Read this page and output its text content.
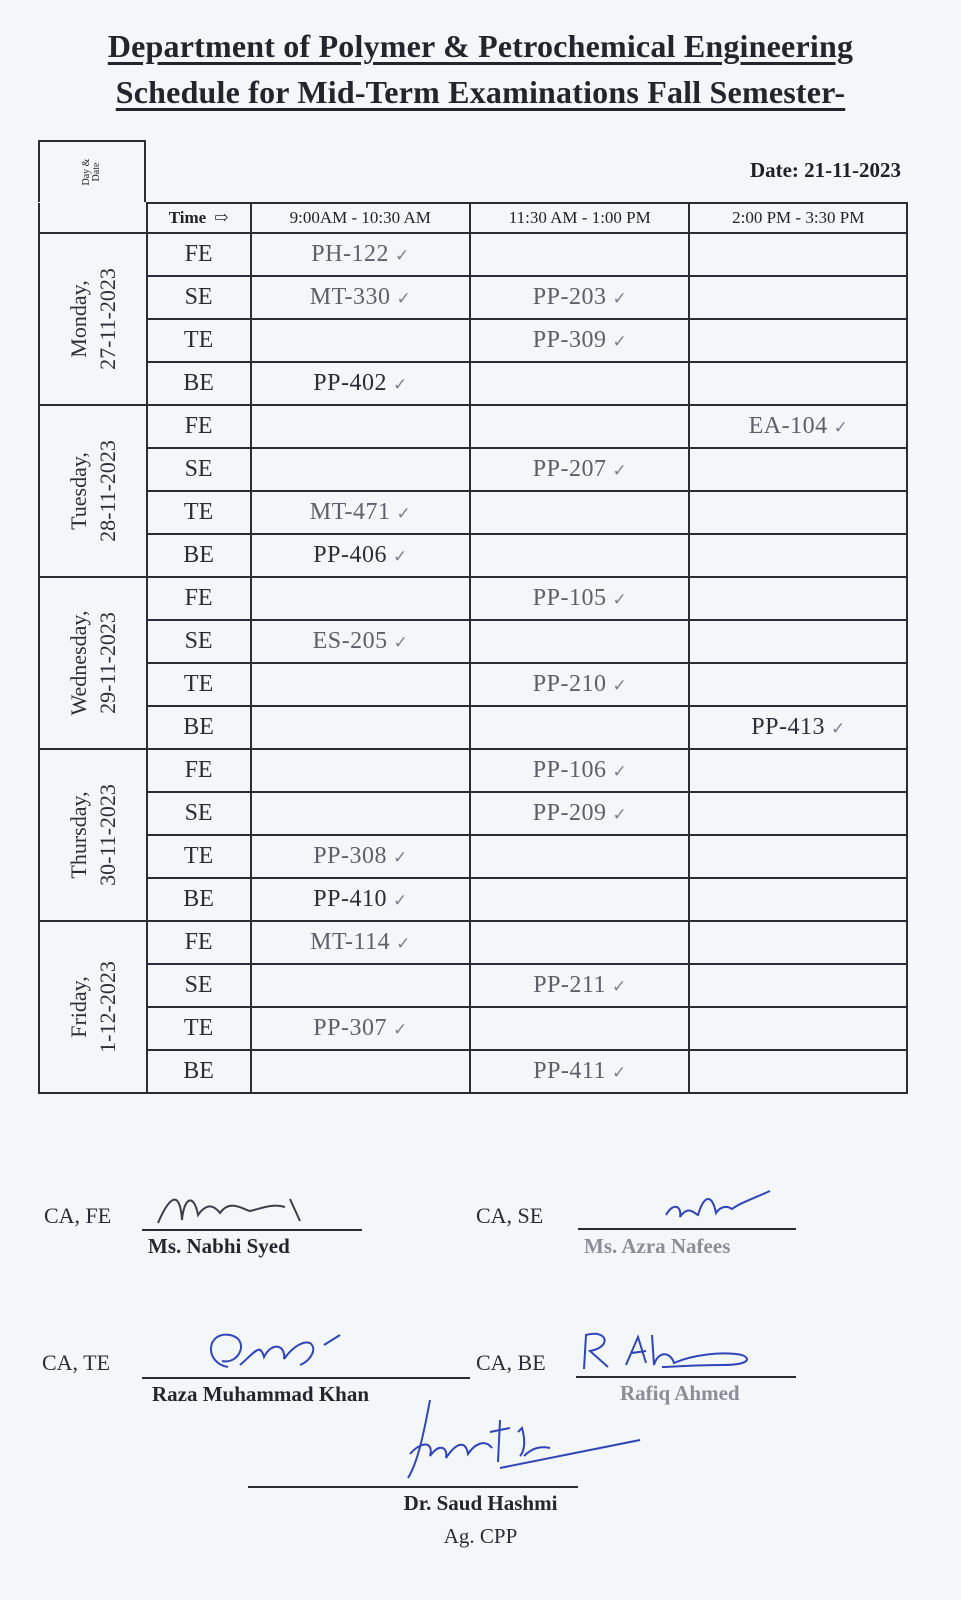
Department of Polymer & Petrochemical Engineering
Schedule for Mid-Term Examinations Fall Semester-
Day & Date	Date: 21-11-2023
	Time ⇨	9:00AM - 10:30 AM	11:30 AM - 1:00 PM	2:00 PM - 3:30 PM

Monday, 27-11-2023	FE	PH-122 ✓		
	SE	MT-330 ✓	PP-203 ✓	
	TE		PP-309 ✓	
	BE	PP-402 ✓		

Tuesday, 28-11-2023	FE			EA-104 ✓
	SE		PP-207 ✓	
	TE	MT-471 ✓		
	BE	PP-406 ✓		

Wednesday, 29-11-2023	FE		PP-105 ✓	
	SE	ES-205 ✓		
	TE		PP-210 ✓	
	BE			PP-413 ✓

Thursday, 30-11-2023	FE		PP-106 ✓	
	SE		PP-209 ✓	
	TE	PP-308 ✓		
	BE	PP-410 ✓		

Friday, 1-12-2023	FE	MT-114 ✓		
	SE		PP-211 ✓	
	TE	PP-307 ✓		
	BE		PP-411 ✓	
CA, FE
Ms. Nabhi Syed
CA, SE
Ms. Azra Nafees
CA, TE
Raza Muhammad Khan
CA, BE
Rafiq Ahmed
Dr. Saud Hashmi
Ag. CPP
